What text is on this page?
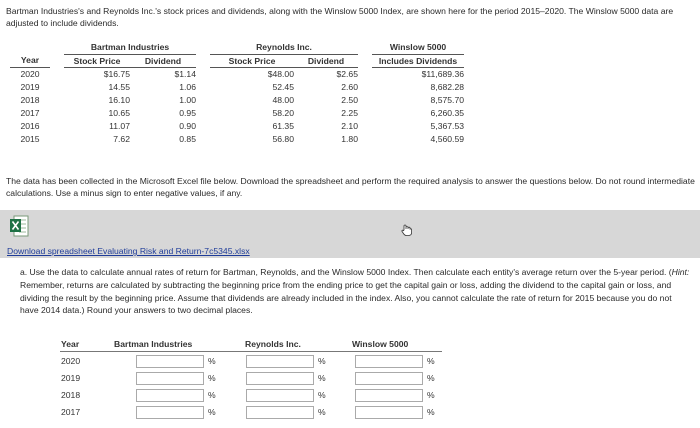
Bartman Industries's and Reynolds Inc.'s stock prices and dividends, along with the Winslow 5000 Index, are shown here for the period 2015–2020. The Winslow 5000 data are adjusted to include dividends.
		Bartman Industries			Reynolds Inc.			Winslow 5000
Year		Stock Price	Dividend		Stock Price	Dividend		Includes Dividends
2020		$16.75	$1.14		$48.00	$2.65		$11,689.36
2019		14.55	1.06		52.45	2.60		8,682.28
2018		16.10	1.00		48.00	2.50		8,575.70
2017		10.65	0.95		58.20	2.25		6,260.35
2016		11.07	0.90		61.35	2.10		5,367.53
2015		7.62	0.85		56.80	1.80		4,560.59
The data has been collected in the Microsoft Excel file below. Download the spreadsheet and perform the required analysis to answer the questions below. Do not round intermediate calculations. Use a minus sign to enter negative values, if any.
Download spreadsheet Evaluating Risk and Return-7c5345.xlsx
a. Use the data to calculate annual rates of return for Bartman, Reynolds, and the Winslow 5000 Index. Then calculate each entity's average return over the 5-year period. (Hint: Remember, returns are calculated by subtracting the beginning price from the ending price to get the capital gain or loss, adding the dividend to the capital gain or loss, and dividing the result by the beginning price. Assume that dividends are already included in the index. Also, you cannot calculate the rate of return for 2015 because you do not have 2014 data.) Round your answers to two decimal places.
Year	Bartman Industries	Reynolds Inc.	Winslow 5000
2020	%	%	%
2019	%	%	%
2018	%	%	%
2017	%	%	%
